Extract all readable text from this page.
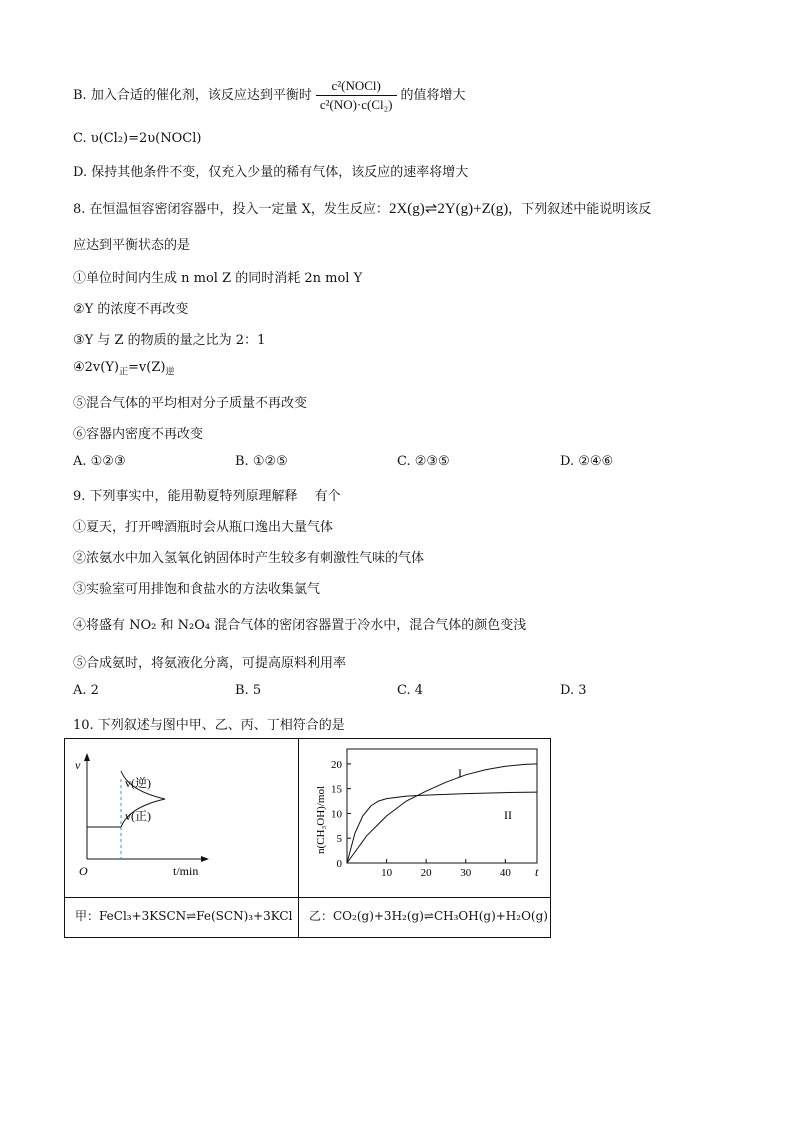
B. 加入合适的催化剂，该反应达到平衡时 $\frac{\text{c²(NOCl)}}{\text{c²(NO)·c(Cl₂)}}$ 的值将增大
C. υ(Cl₂)=2υ(NOCl)
D. 保持其他条件不变，仅充入少量的稀有气体，该反应的速率将增大
8. 在恒温恒容密闭容器中，投入一定量 X，发生反应：2X(g)⇌2Y(g)+Z(g)，下列叙述中能说明该反
应达到平衡状态的是
①单位时间内生成 n mol Z 的同时消耗 2n mol Y
②Y 的浓度不再改变
③Y 与 Z 的物质的量之比为 2：1
$④2v(Y)_正=v(Z)_逆$
⑤混合气体的平均相对分子质量不再改变
⑥容器内密度不再改变
A. ①②③	B. ①②⑤	C. ②③⑤	D. ②④⑥
9. 下列事实中，能用勒夏特列原理解释　 有个
①夏天，打开啤酒瓶时会从瓶口逸出大量气体
②浓氨水中加入氢氧化钠固体时产生较多有刺激性气味的气体
③实验室可用排饱和食盐水的方法收集氯气
④将盛有 NO₂ 和 N₂O₄ 混合气体的密闭容器置于冷水中，混合气体的颜色变浅
⑤合成氨时，将氨液化分离，可提高原料利用率
A. 2	B. 5	C. 4	D. 3
10. 下列叙述与图中甲、乙、丙、丁相符合的是
v
t/min
O
v(逆)
v(正)
0
5
10
15
20
10	20	30	40
n(CH₃OH)/mol
t
I
II
甲：FeCl₃+3KSCN⇌Fe(SCN)₃+3KCl 乙：CO₂(g)+3H₂(g)⇌CH₃OH(g)+H₂O(g)
